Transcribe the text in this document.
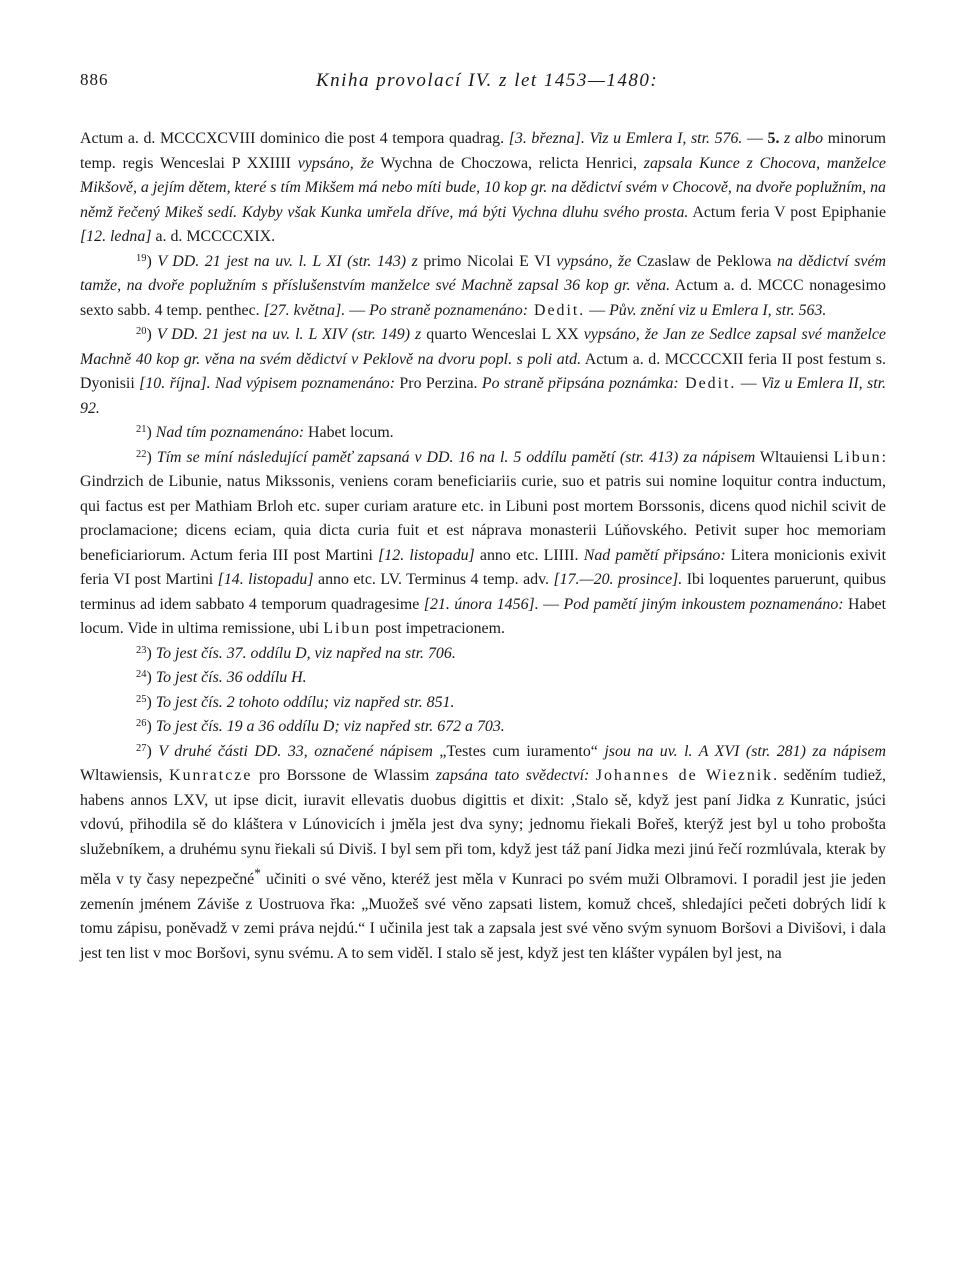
886	Kniha provolací IV. z let 1453—1480:

Actum a. d. MCCCXCVIII dominico die post 4 tempora quadrag. [3. března]. Viz u Emlera I, str. 576. — 5. z albo minorum temp. regis Wenceslai P XXIIII vypsáno, že Wychna de Choczowa, relicta Henrici, zapsala Kunce z Chocova, manželce Mikšově, a jejím dětem, které s tím Mikšem má nebo míti bude, 10 kop gr. na dědictví svém v Chocově, na dvoře poplužním, na němž řečený Mikeš sedí. Kdyby však Kunka umřela dříve, má býti Vychna dluhu svého prosta. Actum feria V post Epiphanie [12. ledna] a. d. MCCCCXIX.

$^{19}$) V DD. 21 jest na uv. l. L XI (str. 143) z primo Nicolai E VI vypsáno, že Czaslaw de Peklowa na dědictví svém tamže, na dvoře poplužním s příslušenstvím manželce své Machně zapsal 36 kop gr. věna. Actum a. d. MCCC nonagesimo sexto sabb. 4 temp. penthec. [27. května]. — Po straně poznamenáno: Dedit. — Pův. znění viz u Emlera I, str. 563.

$^{20}$) V DD. 21 jest na uv. l. L XIV (str. 149) z quarto Wenceslai L XX vypsáno, že Jan ze Sedlce zapsal své manželce Machně 40 kop gr. věna na svém dědictví v Peklově na dvoru popl. s poli atd. Actum a. d. MCCCCXII feria II post festum s. Dyonisii [10. října]. Nad výpisem poznamenáno: Pro Perzina. Po straně připsána poznámka: Dedit. — Viz u Emlera II, str. 92.

$^{21}$) Nad tím poznamenáno: Habet locum.

$^{22}$) Tím se míní následující paměť zapsaná v DD. 16 na l. 5 oddílu pamětí (str. 413) za nápisem Wltauiensi Libun: Gindrzich de Libunie, natus Mikssonis, veniens coram beneficiariis curie, suo et patris sui nomine loquitur contra inductum, qui factus est per Mathiam Brloh etc. super curiam arature etc. in Libuni post mortem Borssonis, dicens quod nichil scivit de proclamacione; dicens eciam, quia dicta curia fuit et est náprava monasterii Lúňovského. Petivit super hoc memoriam beneficiariorum. Actum feria III post Martini [12. listopadu] anno etc. LIIII. Nad pamětí připsáno: Litera monicionis exivit feria VI post Martini [14. listopadu] anno etc. LV. Terminus 4 temp. adv. [17.—20. prosince]. Ibi loquentes paruerunt, quibus terminus ad idem sabbato 4 temporum quadragesime [21. února 1456]. — Pod pamětí jiným inkoustem poznamenáno: Habet locum. Vide in ultima remissione, ubi Libun post impetracionem.

$^{23}$) To jest čís. 37. oddílu D, viz napřed na str. 706.

$^{24}$) To jest čís. 36 oddílu H.

$^{25}$) To jest čís. 2 tohoto oddílu; viz napřed str. 851.

$^{26}$) To jest čís. 19 a 36 oddílu D; viz napřed str. 672 a 703.

$^{27}$) V druhé části DD. 33, označené nápisem „Testes cum iuramento“ jsou na uv. l. A XVI (str. 281) za nápisem Wltawiensis, Kunratcze pro Borssone de Wlassim zapsána tato svědectví: Johannes de Wieznik. seděním tudiež, habens annos LXV, ut ipse dicit, iuravit ellevatis duobus digittis et dixit: ‚Stalo sě, když jest paní Jidka z Kunratic, jsúci vdovú, přihodila sě do kláštera v Lúnovicích i jměla jest dva syny; jednomu řiekali Bořeš, kterýž jest byl u toho probošta služebníkem, a druhému synu řiekali sú Diviš. I byl sem při tom, když jest táž paní Jidka mezi jinú řečí rozmlúvala, kterak by měla v ty časy nepezpečné* učiniti o své věno, kteréž jest měla v Kunraci po svém muži Olbramovi. I poradil jest jie jeden zemenín jménem Záviše z Uostruova řka: „Muožeš své věno zapsati listem, komuž chceš, shledajíci pečeti dobrých lidí k tomu zápisu, poněvadž v zemi práva nejdú.“ I učinila jest tak a zapsala jest své věno svým synuom Boršovi a Divišovi, i dala jest ten list v moc Boršovi, synu svému. A to sem viděl. I stalo sě jest, když jest ten klášter vypálen byl jest, na
